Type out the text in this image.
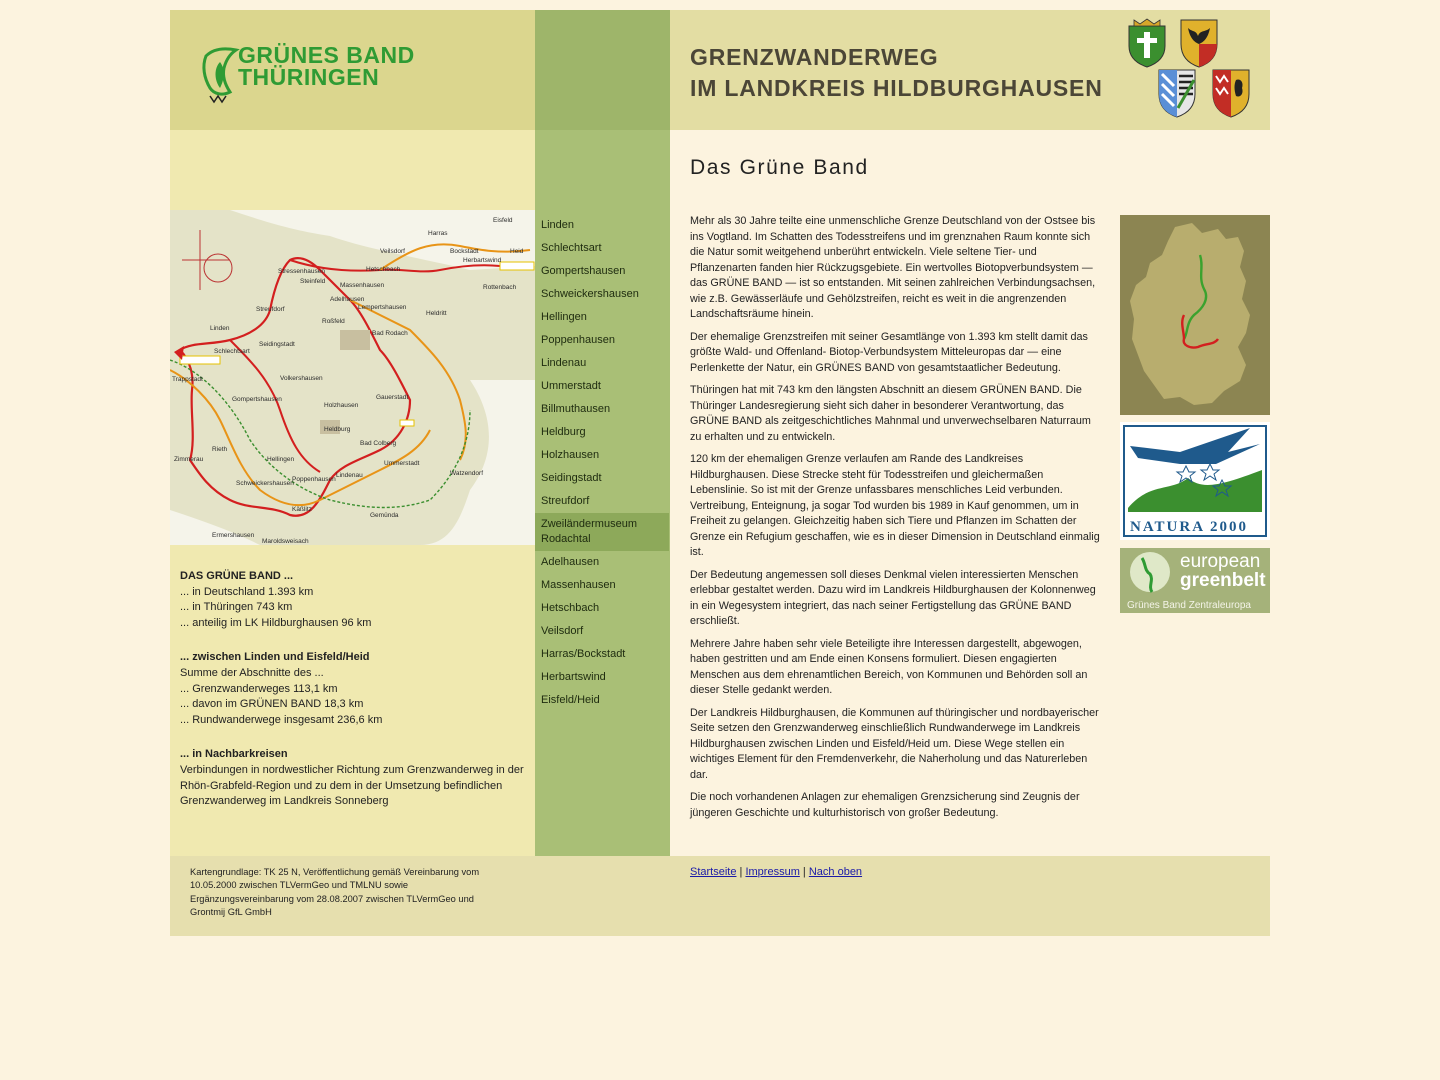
GRÜNES BAND
THÜRINGEN
GRENZWANDERWEG
IM LANDKREIS HILDBURGHAUSEN
Eisfeld
Harras
Veilsdorf	Bockstadt	Heid
Herbartswind
Hetschbach
Stressenhausen
Steinfeld
Massenhausen
Adelhausen
Rottenbach
Streufdorf
Roßfeld
Lempertshausen
Heldritt
Linden
Bad Rodach
Schlechtsart
Seidingstadt
Volkershausen
Trappstadt
Gompertshausen
Holzhausen
Gauerstadt
Heldburg
Bad Colberg
Zimmerau
Rieth
Hellingen
Ummerstadt
Lindenau
Schweickershausen
Poppenhausen
Watzendorf
Käßlitz
Gemünda
Ermershausen
Maroldsweisach

DAS GRÜNE BAND ...
... in Deutschland 1.393 km
... in Thüringen 743 km
... anteilig im LK Hildburghausen 96 km

... zwischen Linden und Eisfeld/Heid
Summe der Abschnitte des ...
... Grenzwanderweges 113,1 km
... davon im GRÜNEN BAND 18,3 km
... Rundwanderwege insgesamt 236,6 km

... in Nachbarkreisen
Verbindungen in nordwestlicher Richtung zum Grenzwanderweg in der Rhön-Grabfeld-Region und zu dem in der Umsetzung befindlichen Grenzwanderweg im Landkreis Sonneberg

Linden
Schlechtsart
Gompertshausen
Schweickershausen
Hellingen
Poppenhausen
Lindenau
Ummerstadt
Billmuthausen
Heldburg
Holzhausen
Seidingstadt
Streufdorf
Zweiländermuseum Rodachtal
Adelhausen
Massenhausen
Hetschbach
Veilsdorf
Harras/Bockstadt
Herbartswind
Eisfeld/Heid
Das Grüne Band

Mehr als 30 Jahre teilte eine unmenschliche Grenze Deutschland von der Ostsee bis ins Vogtland. Im Schatten des Todesstreifens und im grenznahen Raum konnte sich die Natur somit weitgehend unberührt entwickeln. Viele seltene Tier- und Pflanzenarten fanden hier Rückzugsgebiete. Ein wertvolles Biotopverbundsystem — das GRÜNE BAND — ist so entstanden. Mit seinen zahlreichen Verbindungsachsen, wie z.B. Gewässerläufe und Gehölzstreifen, reicht es weit in die angrenzenden Landschaftsräume hinein.

Der ehemalige Grenzstreifen mit seiner Gesamtlänge von 1.393 km stellt damit das größte Wald- und Offenland- Biotop-Verbundsystem Mitteleuropas dar — eine Perlenkette der Natur, ein GRÜNES BAND von gesamtstaatlicher Bedeutung.

Thüringen hat mit 743 km den längsten Abschnitt an diesem GRÜNEN BAND. Die Thüringer Landesregierung sieht sich daher in besonderer Verantwortung, das GRÜNE BAND als zeitgeschichtliches Mahnmal und unverwechselbaren Naturraum zu erhalten und zu entwickeln.

120 km der ehemaligen Grenze verlaufen am Rande des Landkreises Hildburghausen. Diese Strecke steht für Todesstreifen und gleichermaßen Lebenslinie. So ist mit der Grenze unfassbares menschliches Leid verbunden. Vertreibung, Enteignung, ja sogar Tod wurden bis 1989 in Kauf genommen, um in Freiheit zu gelangen. Gleichzeitig haben sich Tiere und Pflanzen im Schatten der Grenze ein Refugium geschaffen, wie es in dieser Dimension in Deutschland einmalig ist.

Der Bedeutung angemessen soll dieses Denkmal vielen interessierten Menschen erlebbar gestaltet werden. Dazu wird im Landkreis Hildburghausen der Kolonnenweg in ein Wegesystem integriert, das nach seiner Fertigstellung das GRÜNE BAND erschließt.

Mehrere Jahre haben sehr viele Beteiligte ihre Interessen dargestellt, abgewogen, haben gestritten und am Ende einen Konsens formuliert. Diesen engagierten Menschen aus dem ehrenamtlichen Bereich, von Kommunen und Behörden soll an dieser Stelle gedankt werden.

Der Landkreis Hildburghausen, die Kommunen auf thüringischer und nordbayerischer Seite setzen den Grenzwanderweg einschließlich Rundwanderwege im Landkreis Hildburghausen zwischen Linden und Eisfeld/Heid um. Diese Wege stellen ein wichtiges Element für den Fremdenverkehr, die Naherholung und das Naturerleben dar.

Die noch vorhandenen Anlagen zur ehemaligen Grenzsicherung sind Zeugnis der jüngeren Geschichte und kulturhistorisch von großer Bedeutung.

NATURA 2000
european
greenbelt
Grünes Band Zentraleuropa
Kartengrundlage: TK 25 N, Veröffentlichung gemäß Vereinbarung vom 10.05.2000 zwischen TLVermGeo und TMLNU sowie Ergänzungsvereinbarung vom 28.08.2007 zwischen TLVermGeo und Grontmij GfL GmbH
Startseite | Impressum | Nach oben
